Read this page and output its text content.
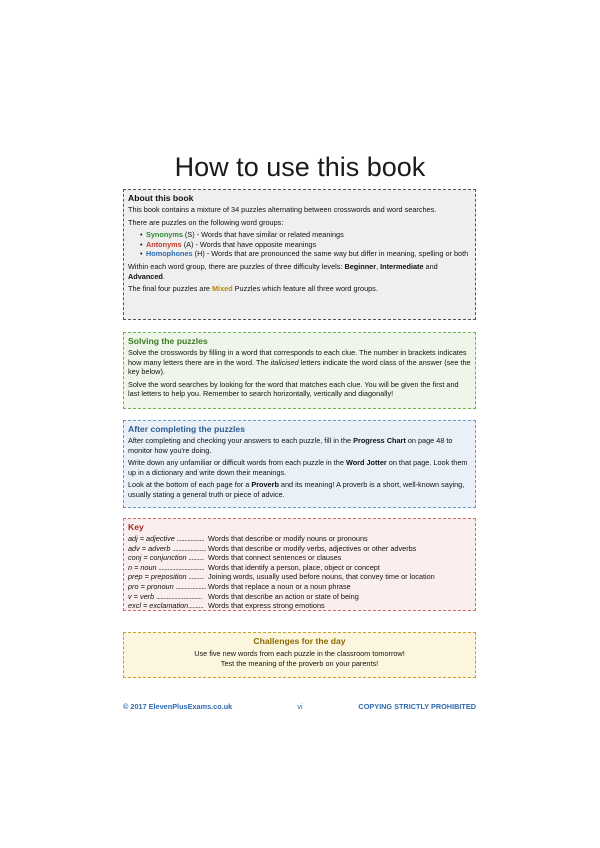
How to use this book
About this book

This book contains a mixture of 34 puzzles alternating between crosswords and word searches.

There are puzzles on the following word groups:

• Synonyms (S) - Words that have similar or related meanings
• Antonyms (A) - Words that have opposite meanings
• Homophones (H) - Words that are pronounced the same way but differ in meaning, spelling or both

Within each word group, there are puzzles of three difficulty levels: Beginner, Intermediate and Advanced.

The final four puzzles are Mixed Puzzles which feature all three word groups.

Solving the puzzles

Solve the crosswords by filling in a word that corresponds to each clue. The number in brackets indicates how many letters there are in the word. The italicised letters indicate the word class of the answer (see the key below).

Solve the word searches by looking for the word that matches each clue. You will be given the first and last letters to help you. Remember to search horizontally, vertically and diagonally!

After completing the puzzles

After completing and checking your answers to each puzzle, fill in the Progress Chart on page 48 to monitor how you're doing.

Write down any unfamiliar or difficult words from each puzzle in the Word Jotter on that page. Look them up in a dictionary and write down their meanings.

Look at the bottom of each page for a Proverb and its meaning! A proverb is a short, well-known saying, usually stating a general truth or piece of advice.

Key
adj = adjective .................. Words that describe or modify nouns or pronouns
adv = adverb ...................... Words that describe or modify verbs, adjectives or other adverbs
conj = conjunction .......... Words that connect sentences or clauses
n = noun .............................. Words that identify a person, place, object or concept
prep = preposition .......... Joining words, usually used before nouns, that convey time or location
pro = pronoun .................... Words that replace a noun or a noun phrase
v = verb .............................. Words that describe an action or state of being
excl = exclamation.......... Words that express strong emotions
Challenges for the day

Use five new words from each puzzle in the classroom tomorrow!

Test the meaning of the proverb on your parents!

© 2017 ElevenPlusExams.co.uk	vi	COPYING STRICTLY PROHIBITED
